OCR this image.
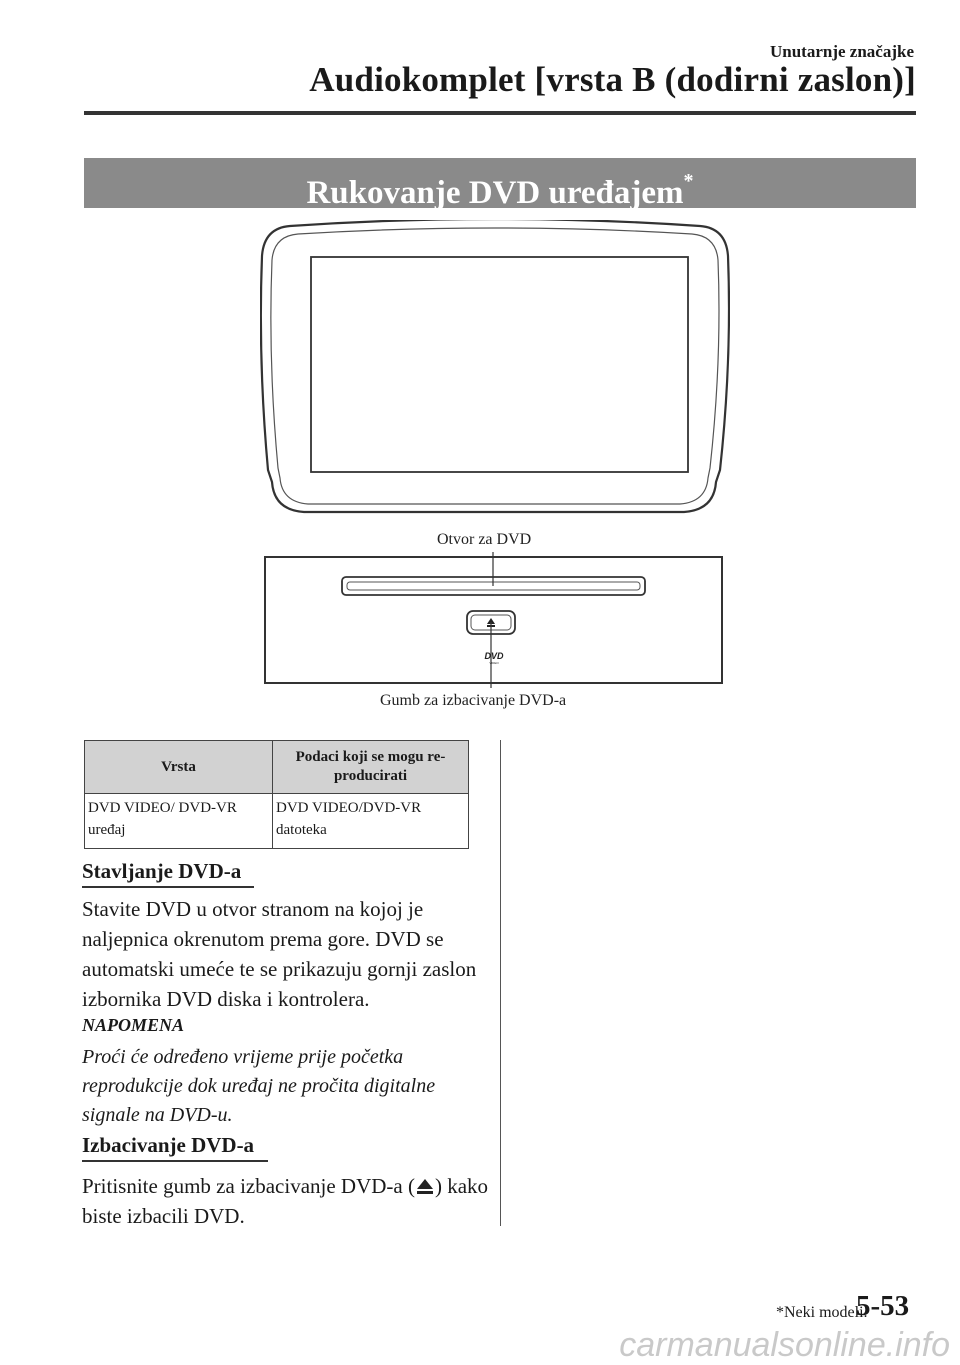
Unutarnje značajke
Audiokomplet [vrsta B (dodirni zaslon)]
Rukovanje DVD uređajem*
DVD
VIDEO
Otvor za DVD
Gumb za izbacivanje DVD-a
Vrsta	Podaci koji se mogu re-producirati
DVD VIDEO/ DVD-VR uređaj	DVD VIDEO/DVD-VR datoteka
Stavljanje DVD-a
Stavite DVD u otvor stranom na kojoj je naljepnica okrenutom prema gore. DVD se automatski umeće te se prikazuju gornji zaslon izbornika DVD diska i kontrolera.
NAPOMENA
Proći će određeno vrijeme prije početka reprodukcije dok uređaj ne pročita digitalne signale na DVD-u.
Izbacivanje DVD-a
Pritisnite gumb za izbacivanje DVD-a ( ) kako biste izbacili DVD.
*Neki modeli.
5-53
carmanualsonline.info
